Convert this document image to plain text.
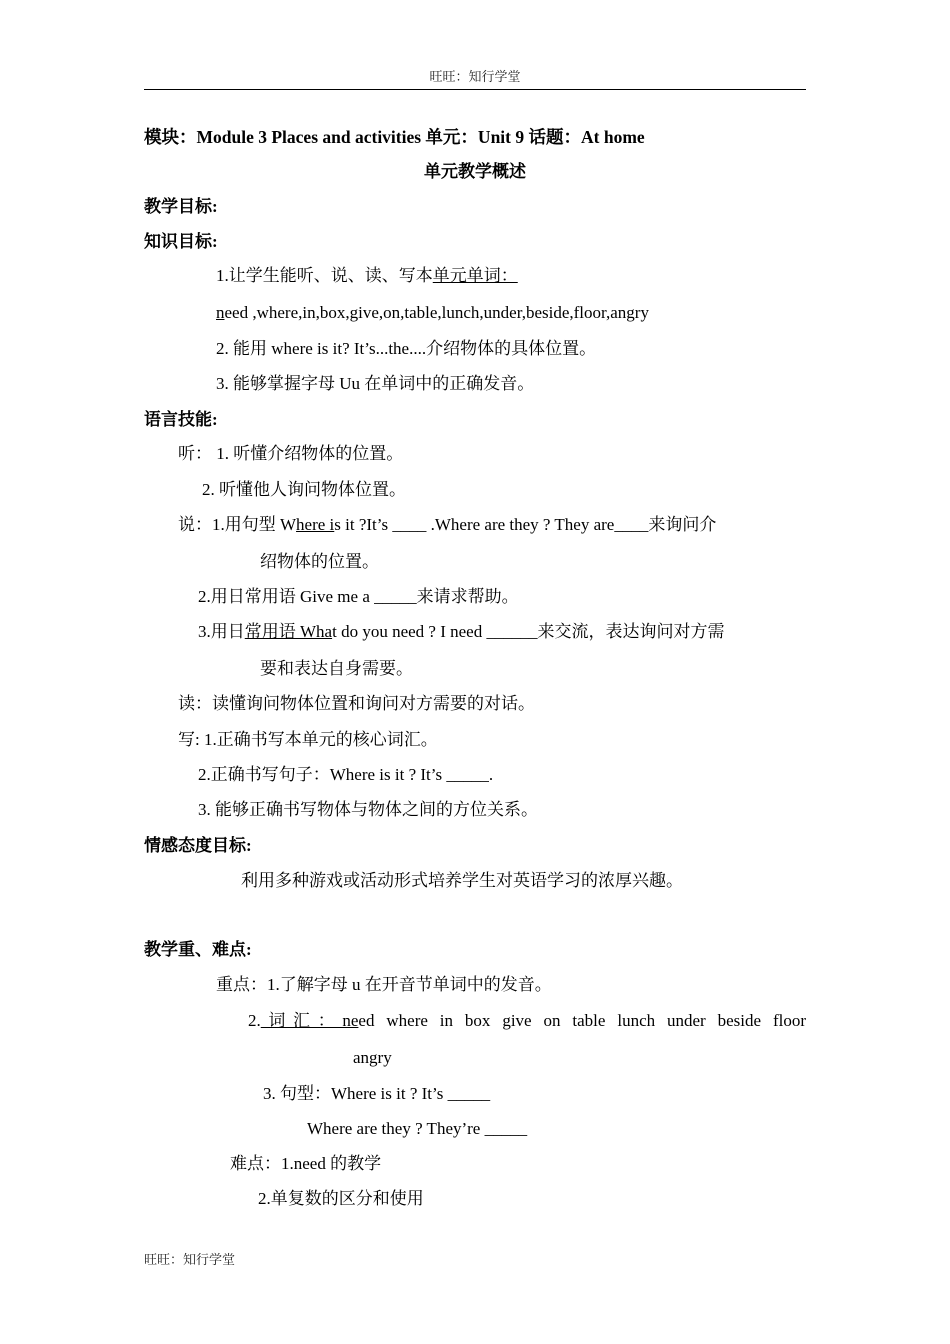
旺旺：知行学堂
模块：Module 3 Places and activities 单元：Unit 9 话题：At home
单元教学概述
教学目标:
知识目标:
1.让学生能听、说、读、写本单元单词：
need ,where,in,box,give,on,table,lunch,under,beside,floor,angry
2. 能用 where is it? It’s...the....介绍物体的具体位置。
3. 能够掌握字母 Uu 在单词中的正确发音。
语言技能:
听： 1. 听懂介绍物体的位置。
2. 听懂他人询问物体位置。
说：1.用句型 Where is it ?It’s ____ .Where are they ? They are____来询问介
绍物体的位置。
2.用日常用语 Give me a _____来请求帮助。
3.用日常用语 What do you need ? I need ______来交流，表达询问对方需
要和表达自身需要。
读：读懂询问物体位置和询问对方需要的对话。
写: 1.正确书写本单元的核心词汇。
2.正确书写句子：Where is it ? It’s _____.
3. 能够正确书写物体与物体之间的方位关系。
情感态度目标:
利用多种游戏或活动形式培养学生对英语学习的浓厚兴趣。
教学重、难点:
重点：1.了解字母 u 在开音节单词中的发音。
2.词汇：need where in box give on table lunch under beside floor
angry
3. 句型：Where is it ? It’s _____
Where are they ? They’re _____
难点：1.need 的教学
2.单复数的区分和使用
旺旺：知行学堂
